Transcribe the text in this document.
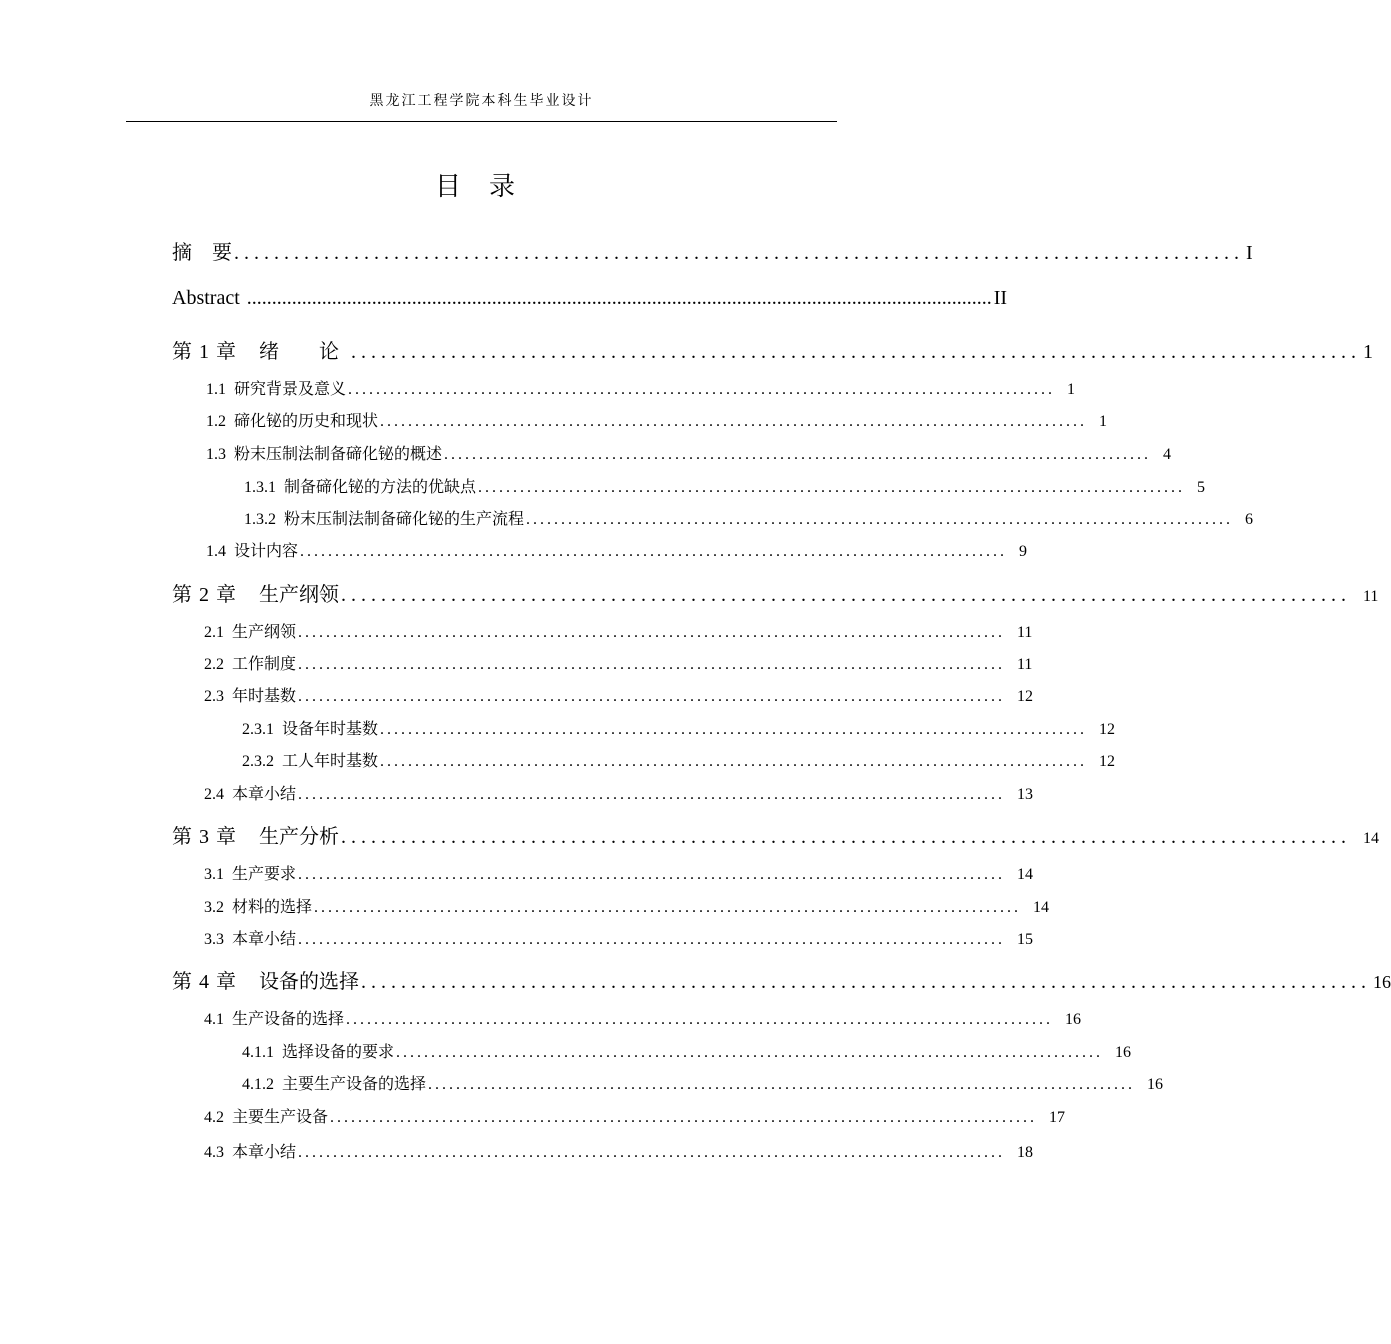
黑龙江工程学院本科生毕业设计
目录
摘　要 ..................................................................................................... I
Abstract ..................................................................................................................................................... II
第 1 章 绪　论 ..................................................................................................... 1
1.1 研究背景及意义 ..................................................................................................... 1
1.2 碲化铋的历史和现状 ..................................................................................................... 1
1.3 粉末压制法制备碲化铋的概述 ..................................................................................................... 4
1.3.1 制备碲化铋的方法的优缺点 ..................................................................................................... 5
1.3.2 粉末压制法制备碲化铋的生产流程 ..................................................................................................... 6
1.4 设计内容 ..................................................................................................... 9
第 2 章 生产纲领 ..................................................................................................... 11
2.1 生产纲领 ..................................................................................................... 11
2.2 工作制度 ..................................................................................................... 11
2.3 年时基数 ..................................................................................................... 12
2.3.1 设备年时基数 ..................................................................................................... 12
2.3.2 工人年时基数 ..................................................................................................... 12
2.4 本章小结 ..................................................................................................... 13
第 3 章 生产分析 ..................................................................................................... 14
3.1 生产要求 ..................................................................................................... 14
3.2 材料的选择 ..................................................................................................... 14
3.3 本章小结 ..................................................................................................... 15
第 4 章 设备的选择 ..................................................................................................... 16
4.1 生产设备的选择 ..................................................................................................... 16
4.1.1 选择设备的要求 ..................................................................................................... 16
4.1.2 主要生产设备的选择 ..................................................................................................... 16
4.2 主要生产设备 ..................................................................................................... 17
4.3 本章小结 ..................................................................................................... 18
